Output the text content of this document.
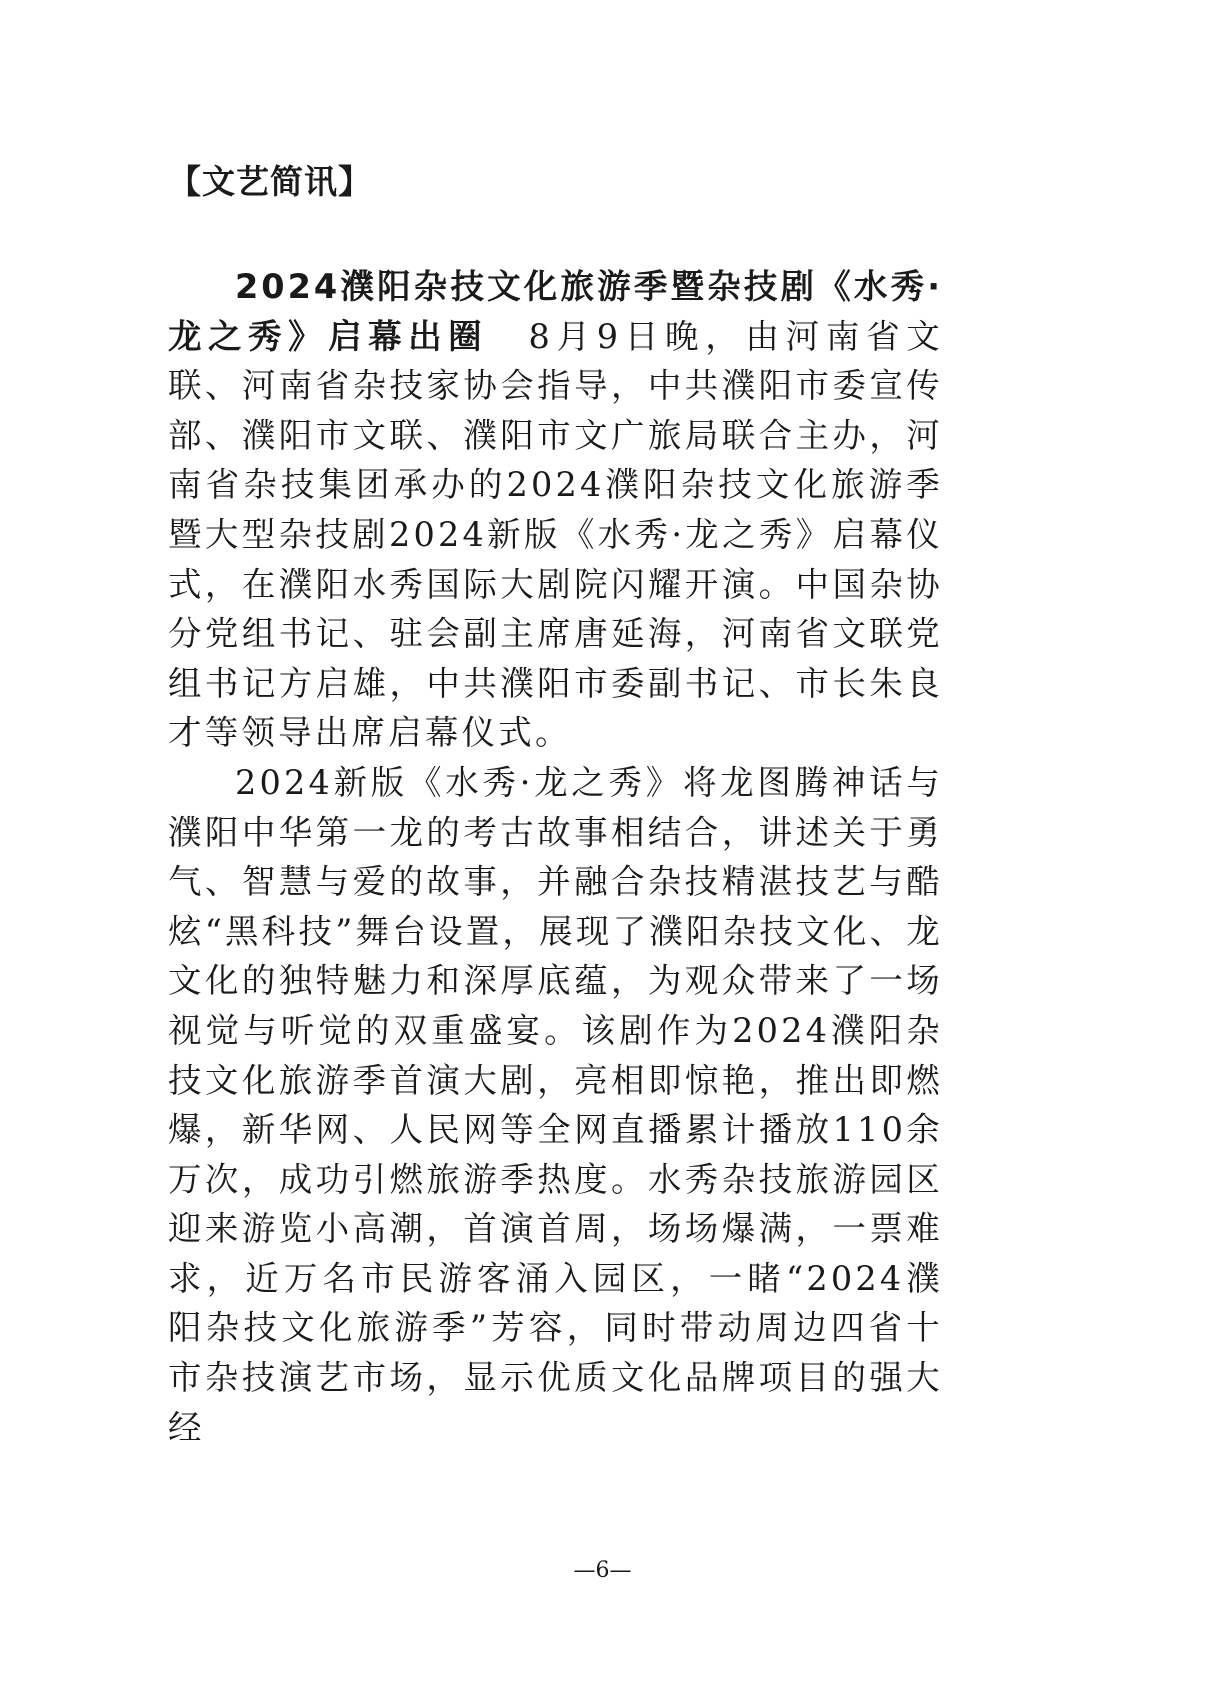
【文艺简讯】

2024濮阳杂技文化旅游季暨杂技剧《水秀·龙之秀》启幕出圈　 8月9日晚，由河南省文联、河南省杂技家协会指导，中共濮阳市委宣传部、濮阳市文联、濮阳市文广旅局联合主办，河南省杂技集团承办的2024濮阳杂技文化旅游季暨大型杂技剧2024新版《水秀·龙之秀》启幕仪式，在濮阳水秀国际大剧院闪耀开演。中国杂协分党组书记、驻会副主席唐延海，河南省文联党组书记方启雄，中共濮阳市委副书记、市长朱良才等领导出席启幕仪式。

2024新版《水秀·龙之秀》将龙图腾神话与濮阳中华第一龙的考古故事相结合，讲述关于勇气、智慧与爱的故事，并融合杂技精湛技艺与酷炫“黑科技”舞台设置，展现了濮阳杂技文化、龙文化的独特魅力和深厚底蕴，为观众带来了一场视觉与听觉的双重盛宴。该剧作为2024濮阳杂技文化旅游季首演大剧，亮相即惊艳，推出即燃爆，新华网、人民网等全网直播累计播放110余万次，成功引燃旅游季热度。水秀杂技旅游园区迎来游览小高潮，首演首周，场场爆满，一票难求，近万名市民游客涌入园区，一睹“2024濮阳杂技文化旅游季”芳容，同时带动周边四省十市杂技演艺市场，显示优质文化品牌项目的强大经

—6—
